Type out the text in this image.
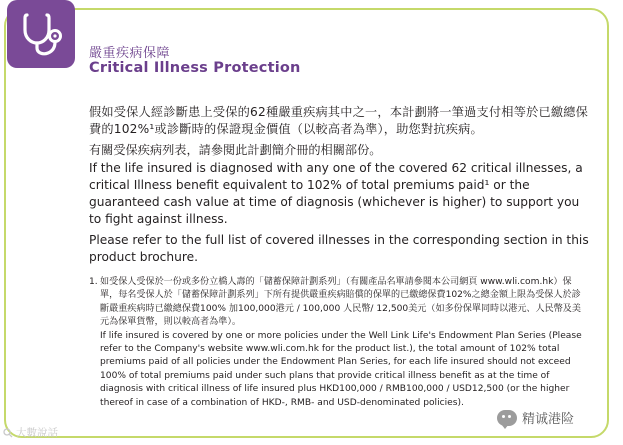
嚴重疾病保障
Critical Illness Protection
假如受保人經診斷患上受保的62種嚴重疾病其中之一，本計劃將一筆過支付相等於已繳總保費的102%¹或診斷時的保證現金價值（以較高者為準），助您對抗疾病。
有關受保疾病列表，請參閱此計劃簡介冊的相關部份。
If the life insured is diagnosed with any one of the covered 62 critical illnesses, a critical Illness benefit equivalent to 102% of total premiums paid¹ or the guaranteed cash value at time of diagnosis (whichever is higher) to support you to fight against illness.
Please refer to the full list of covered illnesses in the corresponding section in this product brochure.
1. 如受保人受保於一份或多份立橋人壽的「儲蓄保障計劃系列」（有關產品名單請參閱本公司網頁 www.wli.com.hk）保單，每名受保人於「儲蓄保障計劃系列」下所有提供嚴重疾病賠償的保單的已繳總保費102%之總金額上限為受保人於診斷嚴重疾病時已繳總保費100% 加100,000港元 / 100,000 人民幣/ 12,500美元（如多份保單同時以港元、人民幣及美元為保單貨幣，則以較高者為準）。
If life insured is covered by one or more policies under the Well Link Life's Endowment Plan Series (Please refer to the Company's website www.wli.com.hk for the product list.), the total amount of 102% total premiums paid of all policies under the Endowment Plan Series, for each life insured should not exceed 100% of total premiums paid under such plans that provide critical illness benefit as at the time of diagnosis with critical illness of life insured plus HKD100,000 / RMB100,000 / USD12,500 (or the higher thereof in case of a combination of HKD-, RMB- and USD-denominated policies).
大數說話
精诚港险
